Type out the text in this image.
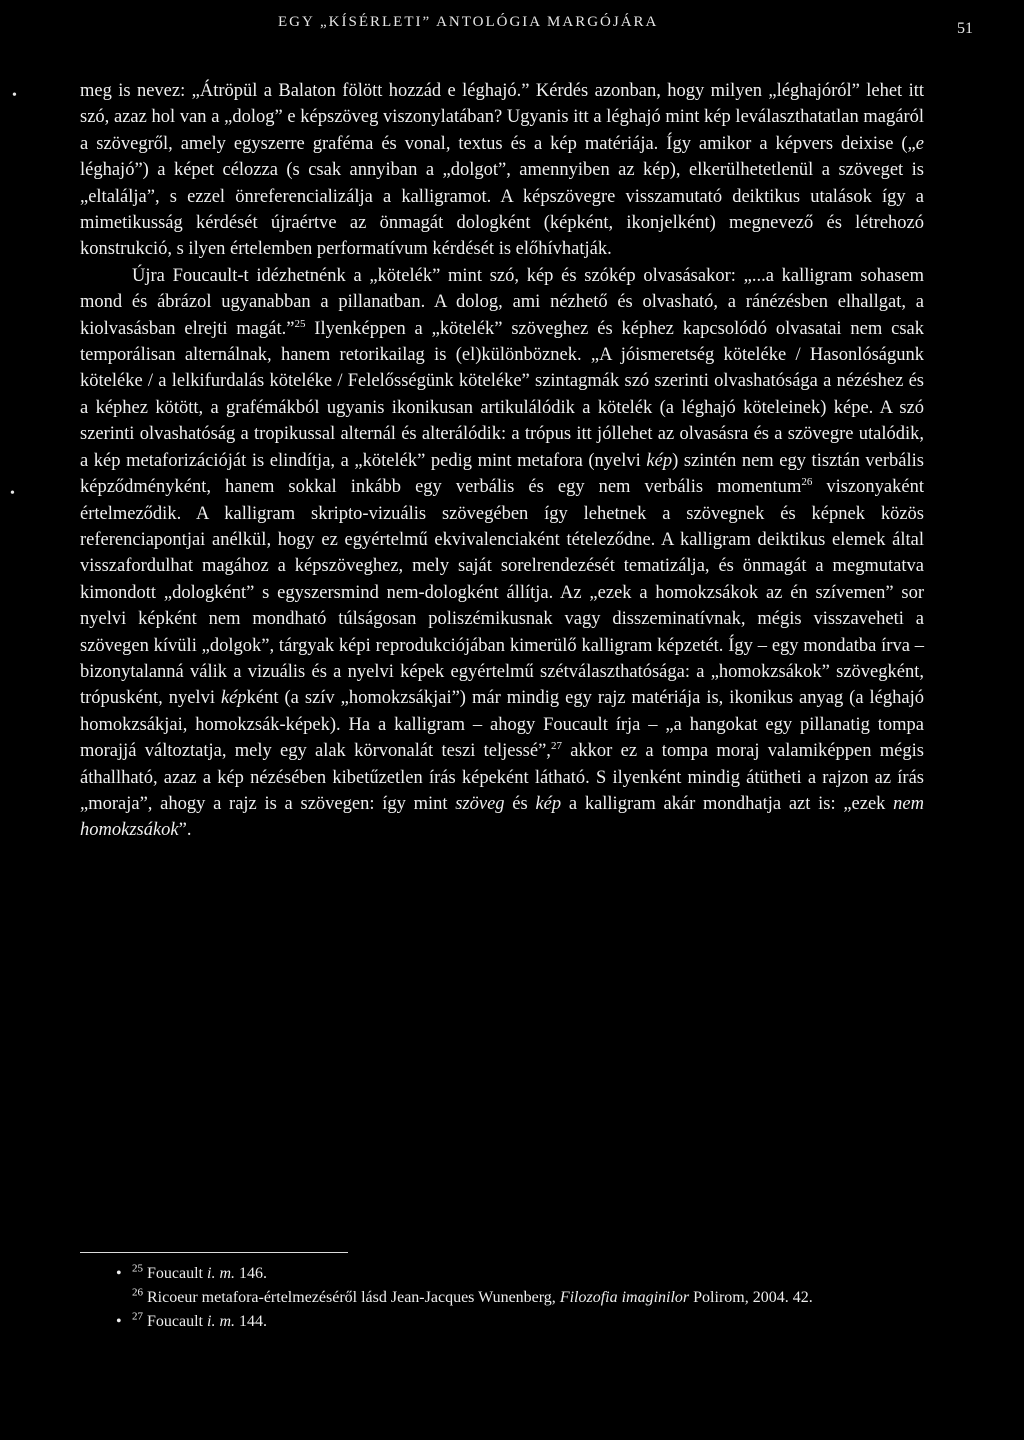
EGY „KÍSÉRLETI” ANTOLÓGIA MARGÓJÁRA	51
•
•

meg is nevez: „Átröpül a Balaton fölött hozzád e léghajó.” Kérdés azonban, hogy milyen „léghajóról” lehet itt szó, azaz hol van a „dolog” e képszöveg viszonylatában? Ugyanis itt a léghajó mint kép leválaszthatatlan magáról a szövegről, amely egyszerre graféma és vonal, textus és a kép matériája. Így amikor a képvers deixise („e léghajó”) a képet célozza (s csak annyiban a „dolgot”, amennyiben az kép), elkerülhetetlenül a szöveget is „eltalálja”, s ezzel önreferencializálja a kalligramot. A képszövegre visszamutató deiktikus utalások így a mimetikusság kérdését újraértve az önmagát dologként (képként, ikonjelként) megnevező és létrehozó konstrukció, s ilyen értelemben performatívum kérdését is előhívhatják.

Újra Foucault-t idézhetnénk a „kötelék” mint szó, kép és szókép olvasásakor: „...a kalligram sohasem mond és ábrázol ugyanabban a pillanatban. A dolog, ami nézhető és olvasható, a ránézésben elhallgat, a kiolvasásban elrejti magát.”$^{25}$ Ilyenképpen a „kötelék” szöveghez és képhez kapcsolódó olvasatai nem csak temporálisan alternálnak, hanem retorikailag is (el)különböznek. „A jóismeretség köteléke / Hasonlóságunk köteléke / a lelkifurdalás köteléke / Felelősségünk köteléke” szintagmák szó szerinti olvashatósága a nézéshez és a képhez kötött, a grafémákból ugyanis ikonikusan artikulálódik a kötelék (a léghajó köteleinek) képe. A szó szerinti olvashatóság a tropikussal alternál és alterálódik: a trópus itt jóllehet az olvasásra és a szövegre utalódik, a kép metaforizációját is elindítja, a „kötelék” pedig mint metafora (nyelvi kép) szintén nem egy tisztán verbális képződményként, hanem sokkal inkább egy verbális és egy nem verbális momentum$^{26}$ viszonyaként értelmeződik. A kalligram skripto-vizuális szövegében így lehetnek a szövegnek és képnek közös referenciapontjai anélkül, hogy ez egyértelmű ekvivalenciaként tételeződne. A kalligram deiktikus elemek által visszafordulhat magához a képszöveghez, mely saját sorelrendezését tematizálja, és önmagát a megmutatva kimondott „dologként” s egyszersmind nem-dologként állítja. Az „ezek a homokzsákok az én szívemen” sor nyelvi képként nem mondható túlságosan poliszémikusnak vagy disszeminatívnak, mégis visszaveheti a szövegen kívüli „dolgok”, tárgyak képi reprodukciójában kimerülő kalligram képzetét. Így – egy mondatba írva – bizonytalanná válik a vizuális és a nyelvi képek egyértelmű szétválaszthatósága: a „homokzsákok” szövegként, trópusként, nyelvi képként (a szív „homokzsákjai”) már mindig egy rajz matériája is, ikonikus anyag (a léghajó homokzsákjai, homokzsák-képek). Ha a kalligram – ahogy Foucault írja – „a hangokat egy pillanatig tompa morajjá változtatja, mely egy alak körvonalát teszi teljessé”,$^{27}$ akkor ez a tompa moraj valamiképpen mégis áthallható, azaz a kép nézésében kibetűzetlen írás képeként látható. S ilyenként mindig átütheti a rajzon az írás „moraja”, ahogy a rajz is a szövegen: így mint szöveg és kép a kalligram akár mondhatja azt is: „ezek nem homokzsákok”.

• $^{25}$ Foucault i. m. 146.

$^{26}$ Ricoeur metafora-értelmezéséről lásd Jean-Jacques Wunenberg, Filozofia imaginilor Polirom, 2004. 42.

• $^{27}$ Foucault i. m. 144.
